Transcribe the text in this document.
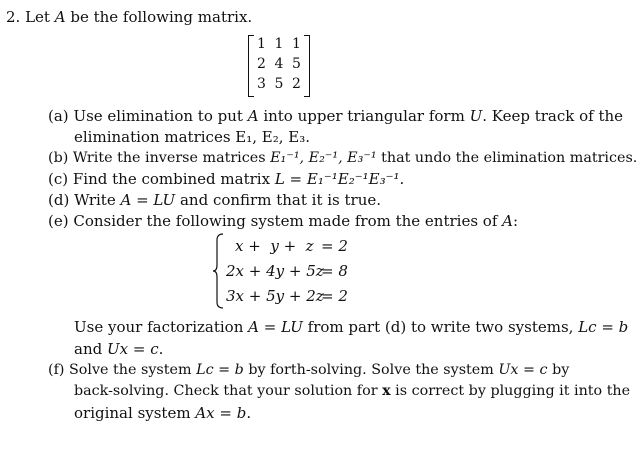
2. Let A be the following matrix.
1 1 1
2 4 5
3 5 2
(a) Use elimination to put A into upper triangular form U. Keep track of the
elimination matrices E₁, E₂, E₃.
(b) Write the inverse matrices E₁⁻¹, E₂⁻¹, E₃⁻¹ that undo the elimination matrices.
(c) Find the combined matrix L = E₁⁻¹E₂⁻¹E₃⁻¹.
(d) Write A = LU and confirm that it is true.
(e) Consider the following system made from the entries of A:
x +  y +  z = 2
2x + 4y + 5z
= 8
3x + 5y + 2z
= 2
Use your factorization A = LU from part (d) to write two systems, Lc = b
and Ux = c.
(f) Solve the system Lc = b by forth-solving. Solve the system Ux = c by
back-solving. Check that your solution for x is correct by plugging it into the
original system Ax = b.
